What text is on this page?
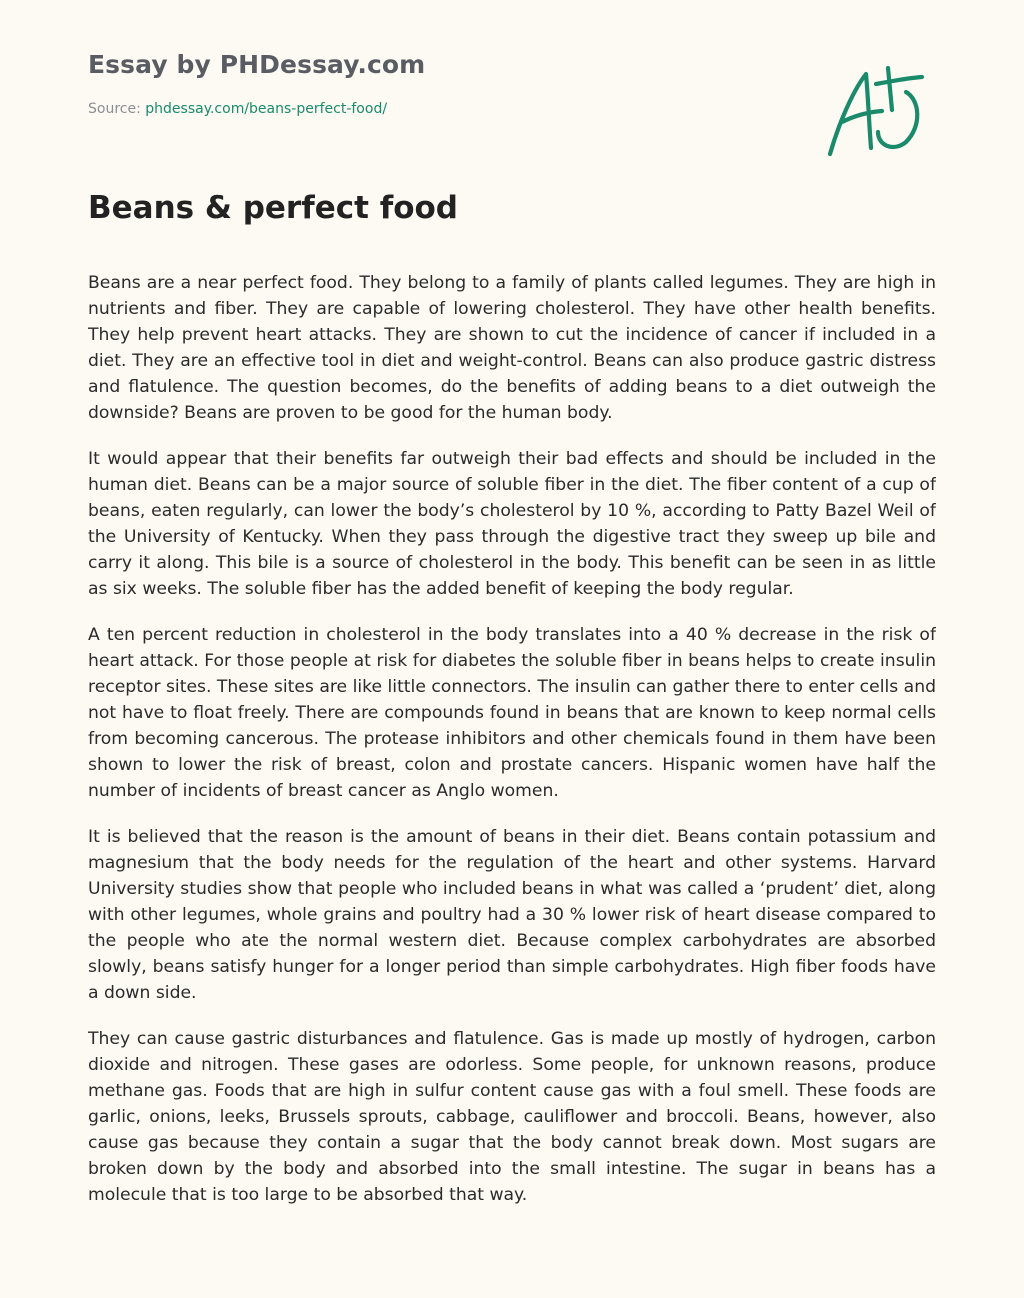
Essay by PHDessay.com
Source: phdessay.com/beans-perfect-food/
Beans & perfect food

Beans are a near perfect food. They belong to a family of plants called legumes. They are high in nutrients and fiber. They are capable of lowering cholesterol. They have other health benefits. They help prevent heart attacks. They are shown to cut the incidence of cancer if included in a diet. They are an effective tool in diet and weight-control. Beans can also produce gastric distress and flatulence. The question becomes, do the benefits of adding beans to a diet outweigh the downside? Beans are proven to be good for the human body.

It would appear that their benefits far outweigh their bad effects and should be included in the human diet. Beans can be a major source of soluble fiber in the diet. The fiber content of a cup of beans, eaten regularly, can lower the body’s cholesterol by 10 %, according to Patty Bazel Weil of the University of Kentucky. When they pass through the digestive tract they sweep up bile and carry it along. This bile is a source of cholesterol in the body. This benefit can be seen in as little as six weeks. The soluble fiber has the added benefit of keeping the body regular.

A ten percent reduction in cholesterol in the body translates into a 40 % decrease in the risk of heart attack. For those people at risk for diabetes the soluble fiber in beans helps to create insulin receptor sites. These sites are like little connectors. The insulin can gather there to enter cells and not have to float freely. There are compounds found in beans that are known to keep normal cells from becoming cancerous. The protease inhibitors and other chemicals found in them have been shown to lower the risk of breast, colon and prostate cancers. Hispanic women have half the number of incidents of breast cancer as Anglo women.

It is believed that the reason is the amount of beans in their diet. Beans contain potassium and magnesium that the body needs for the regulation of the heart and other systems. Harvard University studies show that people who included beans in what was called a ‘prudent’ diet, along with other legumes, whole grains and poultry had a 30 % lower risk of heart disease compared to the people who ate the normal western diet. Because complex carbohydrates are absorbed slowly, beans satisfy hunger for a longer period than simple carbohydrates. High fiber foods have a down side.

They can cause gastric disturbances and flatulence. Gas is made up mostly of hydrogen, carbon dioxide and nitrogen. These gases are odorless. Some people, for unknown reasons, produce methane gas. Foods that are high in sulfur content cause gas with a foul smell. These foods are garlic, onions, leeks, Brussels sprouts, cabbage, cauliflower and broccoli. Beans, however, also cause gas because they contain a sugar that the body cannot break down. Most sugars are broken down by the body and absorbed into the small intestine. The sugar in beans has a molecule that is too large to be absorbed that way.
